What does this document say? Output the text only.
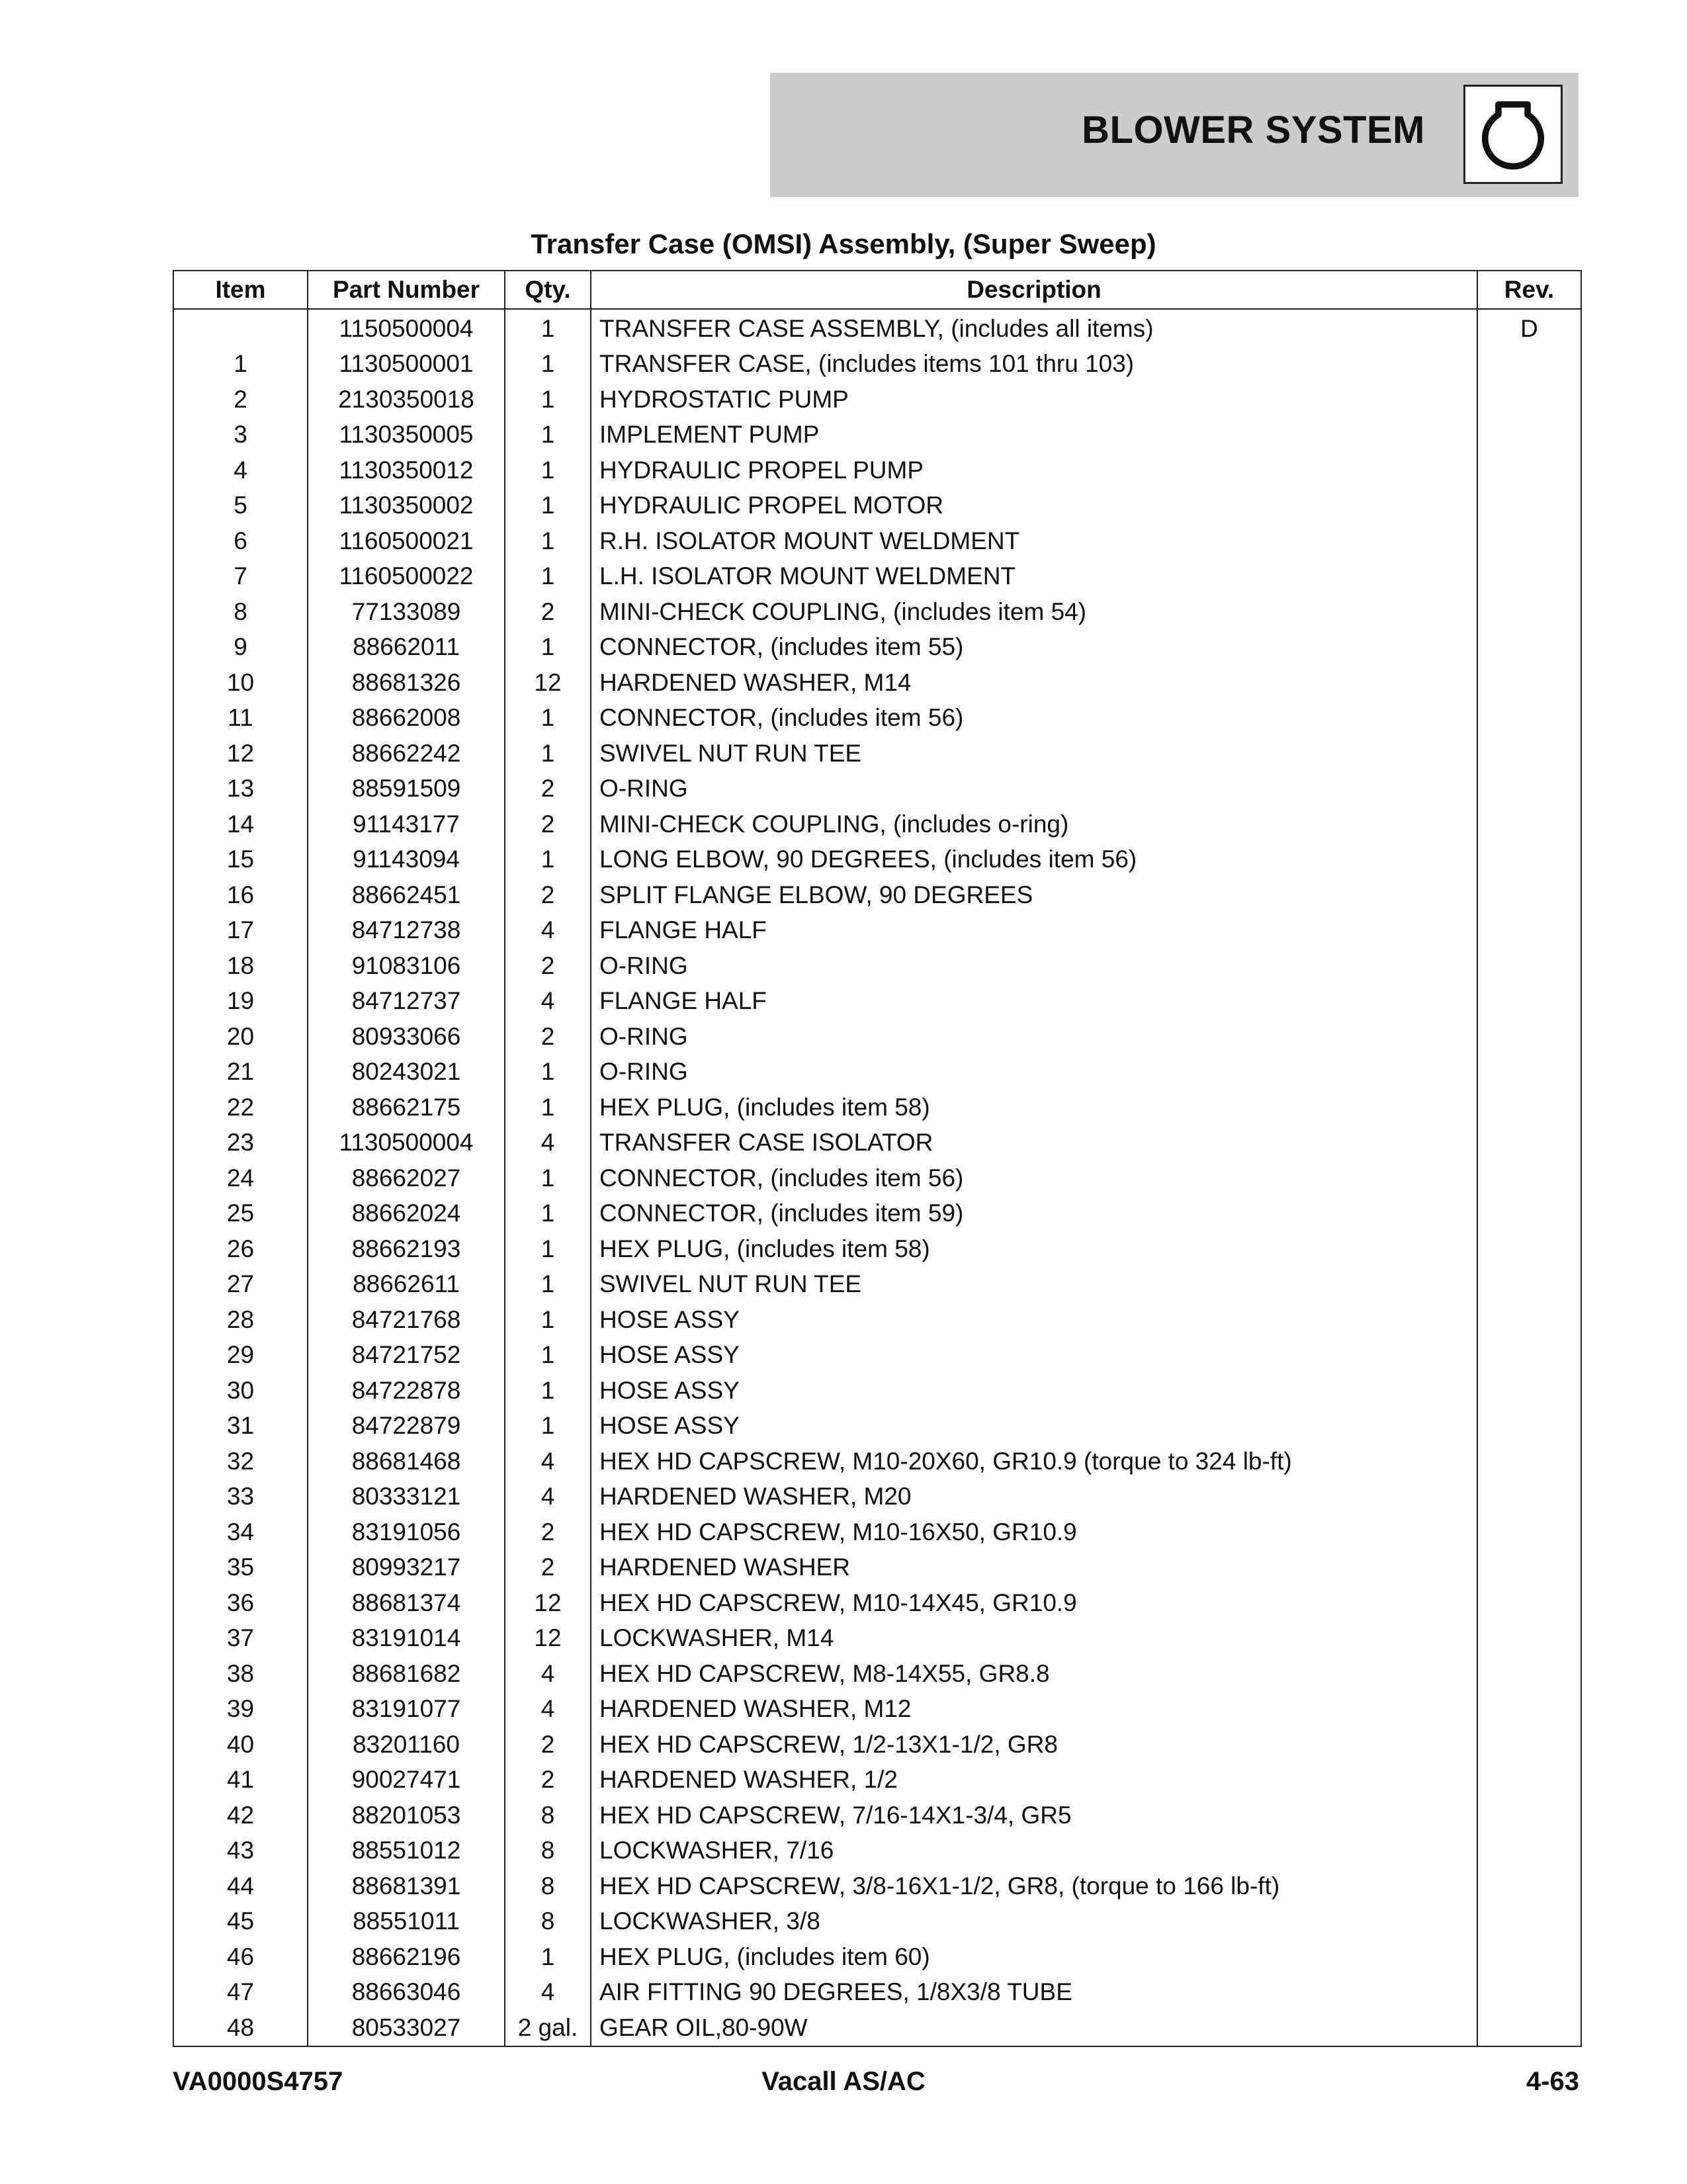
BLOWER SYSTEM
Transfer Case (OMSI) Assembly, (Super Sweep)
Item	Part Number	Qty.	Description	Rev.
	1150500004	1	TRANSFER CASE ASSEMBLY, (includes all items)	D
1	1130500001	1	TRANSFER CASE, (includes items 101 thru 103)	
2	2130350018	1	HYDROSTATIC PUMP	
3	1130350005	1	IMPLEMENT PUMP	
4	1130350012	1	HYDRAULIC PROPEL PUMP	
5	1130350002	1	HYDRAULIC PROPEL MOTOR	
6	1160500021	1	R.H. ISOLATOR MOUNT WELDMENT	
7	1160500022	1	L.H. ISOLATOR MOUNT WELDMENT	
8	77133089	2	MINI-CHECK COUPLING, (includes item 54)	
9	88662011	1	CONNECTOR, (includes item 55)	
10	88681326	12	HARDENED WASHER, M14	
11	88662008	1	CONNECTOR, (includes item 56)	
12	88662242	1	SWIVEL NUT RUN TEE	
13	88591509	2	O-RING	
14	91143177	2	MINI-CHECK COUPLING, (includes o-ring)	
15	91143094	1	LONG ELBOW, 90 DEGREES, (includes item 56)	
16	88662451	2	SPLIT FLANGE ELBOW, 90 DEGREES	
17	84712738	4	FLANGE HALF	
18	91083106	2	O-RING	
19	84712737	4	FLANGE HALF	
20	80933066	2	O-RING	
21	80243021	1	O-RING	
22	88662175	1	HEX PLUG, (includes item 58)	
23	1130500004	4	TRANSFER CASE ISOLATOR	
24	88662027	1	CONNECTOR, (includes item 56)	
25	88662024	1	CONNECTOR, (includes item 59)	
26	88662193	1	HEX PLUG, (includes item 58)	
27	88662611	1	SWIVEL NUT RUN TEE	
28	84721768	1	HOSE ASSY	
29	84721752	1	HOSE ASSY	
30	84722878	1	HOSE ASSY	
31	84722879	1	HOSE ASSY	
32	88681468	4	HEX HD CAPSCREW, M10-20X60, GR10.9 (torque to 324 lb-ft)	
33	80333121	4	HARDENED WASHER, M20	
34	83191056	2	HEX HD CAPSCREW, M10-16X50, GR10.9	
35	80993217	2	HARDENED WASHER	
36	88681374	12	HEX HD CAPSCREW, M10-14X45, GR10.9	
37	83191014	12	LOCKWASHER, M14	
38	88681682	4	HEX HD CAPSCREW, M8-14X55, GR8.8	
39	83191077	4	HARDENED WASHER, M12	
40	83201160	2	HEX HD CAPSCREW, 1/2-13X1-1/2, GR8	
41	90027471	2	HARDENED WASHER, 1/2	
42	88201053	8	HEX HD CAPSCREW, 7/16-14X1-3/4, GR5	
43	88551012	8	LOCKWASHER, 7/16	
44	88681391	8	HEX HD CAPSCREW, 3/8-16X1-1/2, GR8, (torque to 166 lb-ft)	
45	88551011	8	LOCKWASHER, 3/8	
46	88662196	1	HEX PLUG, (includes item 60)	
47	88663046	4	AIR FITTING 90 DEGREES, 1/8X3/8 TUBE	
48	80533027	2 gal.	GEAR OIL,80-90W	
VA0000S4757	Vacall AS/AC	4-63
